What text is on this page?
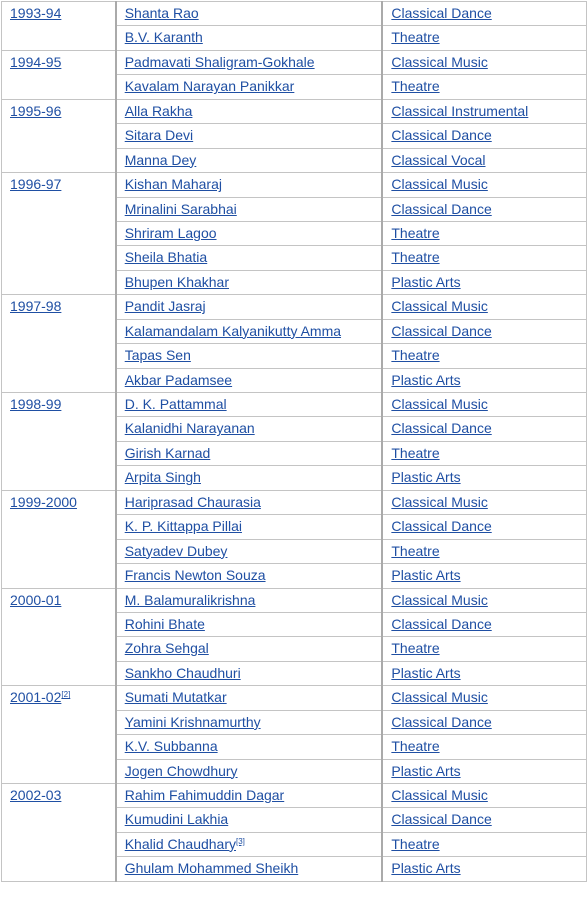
1993-94	Shanta Rao	Classical Dance
	B.V. Karanth	Theatre
1994-95	Padmavati Shaligram-Gokhale	Classical Music
	Kavalam Narayan Panikkar	Theatre
1995-96	Alla Rakha	Classical Instrumental
	Sitara Devi	Classical Dance
	Manna Dey	Classical Vocal
1996-97	Kishan Maharaj	Classical Music
	Mrinalini Sarabhai	Classical Dance
	Shriram Lagoo	Theatre
	Sheila Bhatia	Theatre
	Bhupen Khakhar	Plastic Arts
1997-98	Pandit Jasraj	Classical Music
	Kalamandalam Kalyanikutty Amma	Classical Dance
	Tapas Sen	Theatre
	Akbar Padamsee	Plastic Arts
1998-99	D. K. Pattammal	Classical Music
	Kalanidhi Narayanan	Classical Dance
	Girish Karnad	Theatre
	Arpita Singh	Plastic Arts
1999-2000	Hariprasad Chaurasia	Classical Music
	K. P. Kittappa Pillai	Classical Dance
	Satyadev Dubey	Theatre
	Francis Newton Souza	Plastic Arts
2000-01	M. Balamuralikrishna	Classical Music
	Rohini Bhate	Classical Dance
	Zohra Sehgal	Theatre
	Sankho Chaudhuri	Plastic Arts
2001-02[2]	Sumati Mutatkar	Classical Music
	Yamini Krishnamurthy	Classical Dance
	K.V. Subbanna	Theatre
	Jogen Chowdhury	Plastic Arts
2002-03	Rahim Fahimuddin Dagar	Classical Music
	Kumudini Lakhia	Classical Dance
	Khalid Chaudhary[3]	Theatre
	Ghulam Mohammed Sheikh	Plastic Arts
